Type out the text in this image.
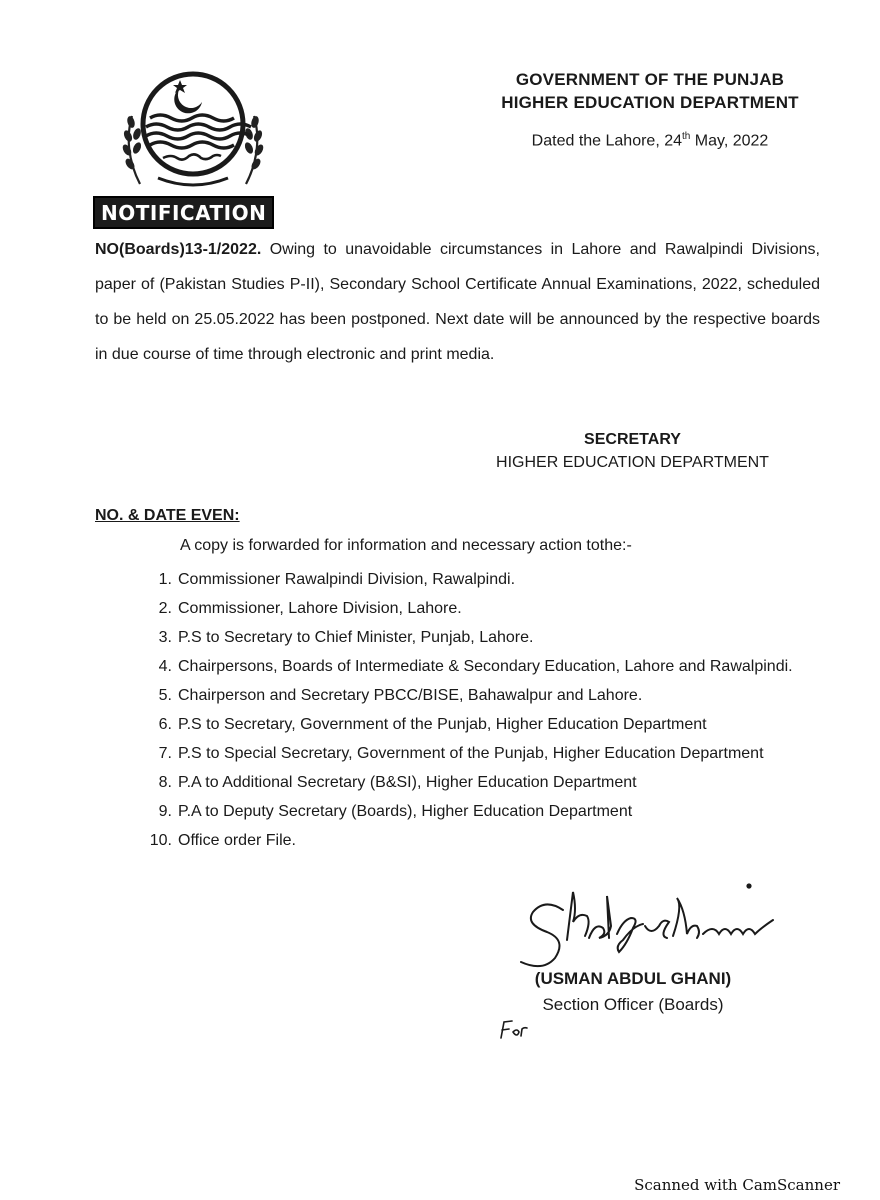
GOVERNMENT OF THE PUNJAB
HIGHER EDUCATION DEPARTMENT
Dated the Lahore, 24th May, 2022
NOTIFICATION
NO(Boards)13-1/2022. Owing to unavoidable circumstances in Lahore and Rawalpindi Divisions, paper of (Pakistan Studies P-II), Secondary School Certificate Annual Examinations, 2022, scheduled to be held on 25.05.2022 has been postponed. Next date will be announced by the respective boards in due course of time through electronic and print media.
SECRETARY
HIGHER EDUCATION DEPARTMENT
NO. & DATE EVEN:
A copy is forwarded for information and necessary action tothe:-
1. Commissioner Rawalpindi Division, Rawalpindi.
2. Commissioner, Lahore Division, Lahore.
3. P.S to Secretary to Chief Minister, Punjab, Lahore.
4. Chairpersons, Boards of Intermediate & Secondary Education, Lahore and Rawalpindi.
5. Chairperson and Secretary PBCC/BISE, Bahawalpur and Lahore.
6. P.S to Secretary, Government of the Punjab, Higher Education Department
7. P.S to Special Secretary, Government of the Punjab, Higher Education Department
8. P.A to Additional Secretary (B&SI), Higher Education Department
9. P.A to Deputy Secretary (Boards), Higher Education Department
10. Office order File.
(USMAN ABDUL GHANI)
Section Officer (Boards)
Scanned with CamScanner
